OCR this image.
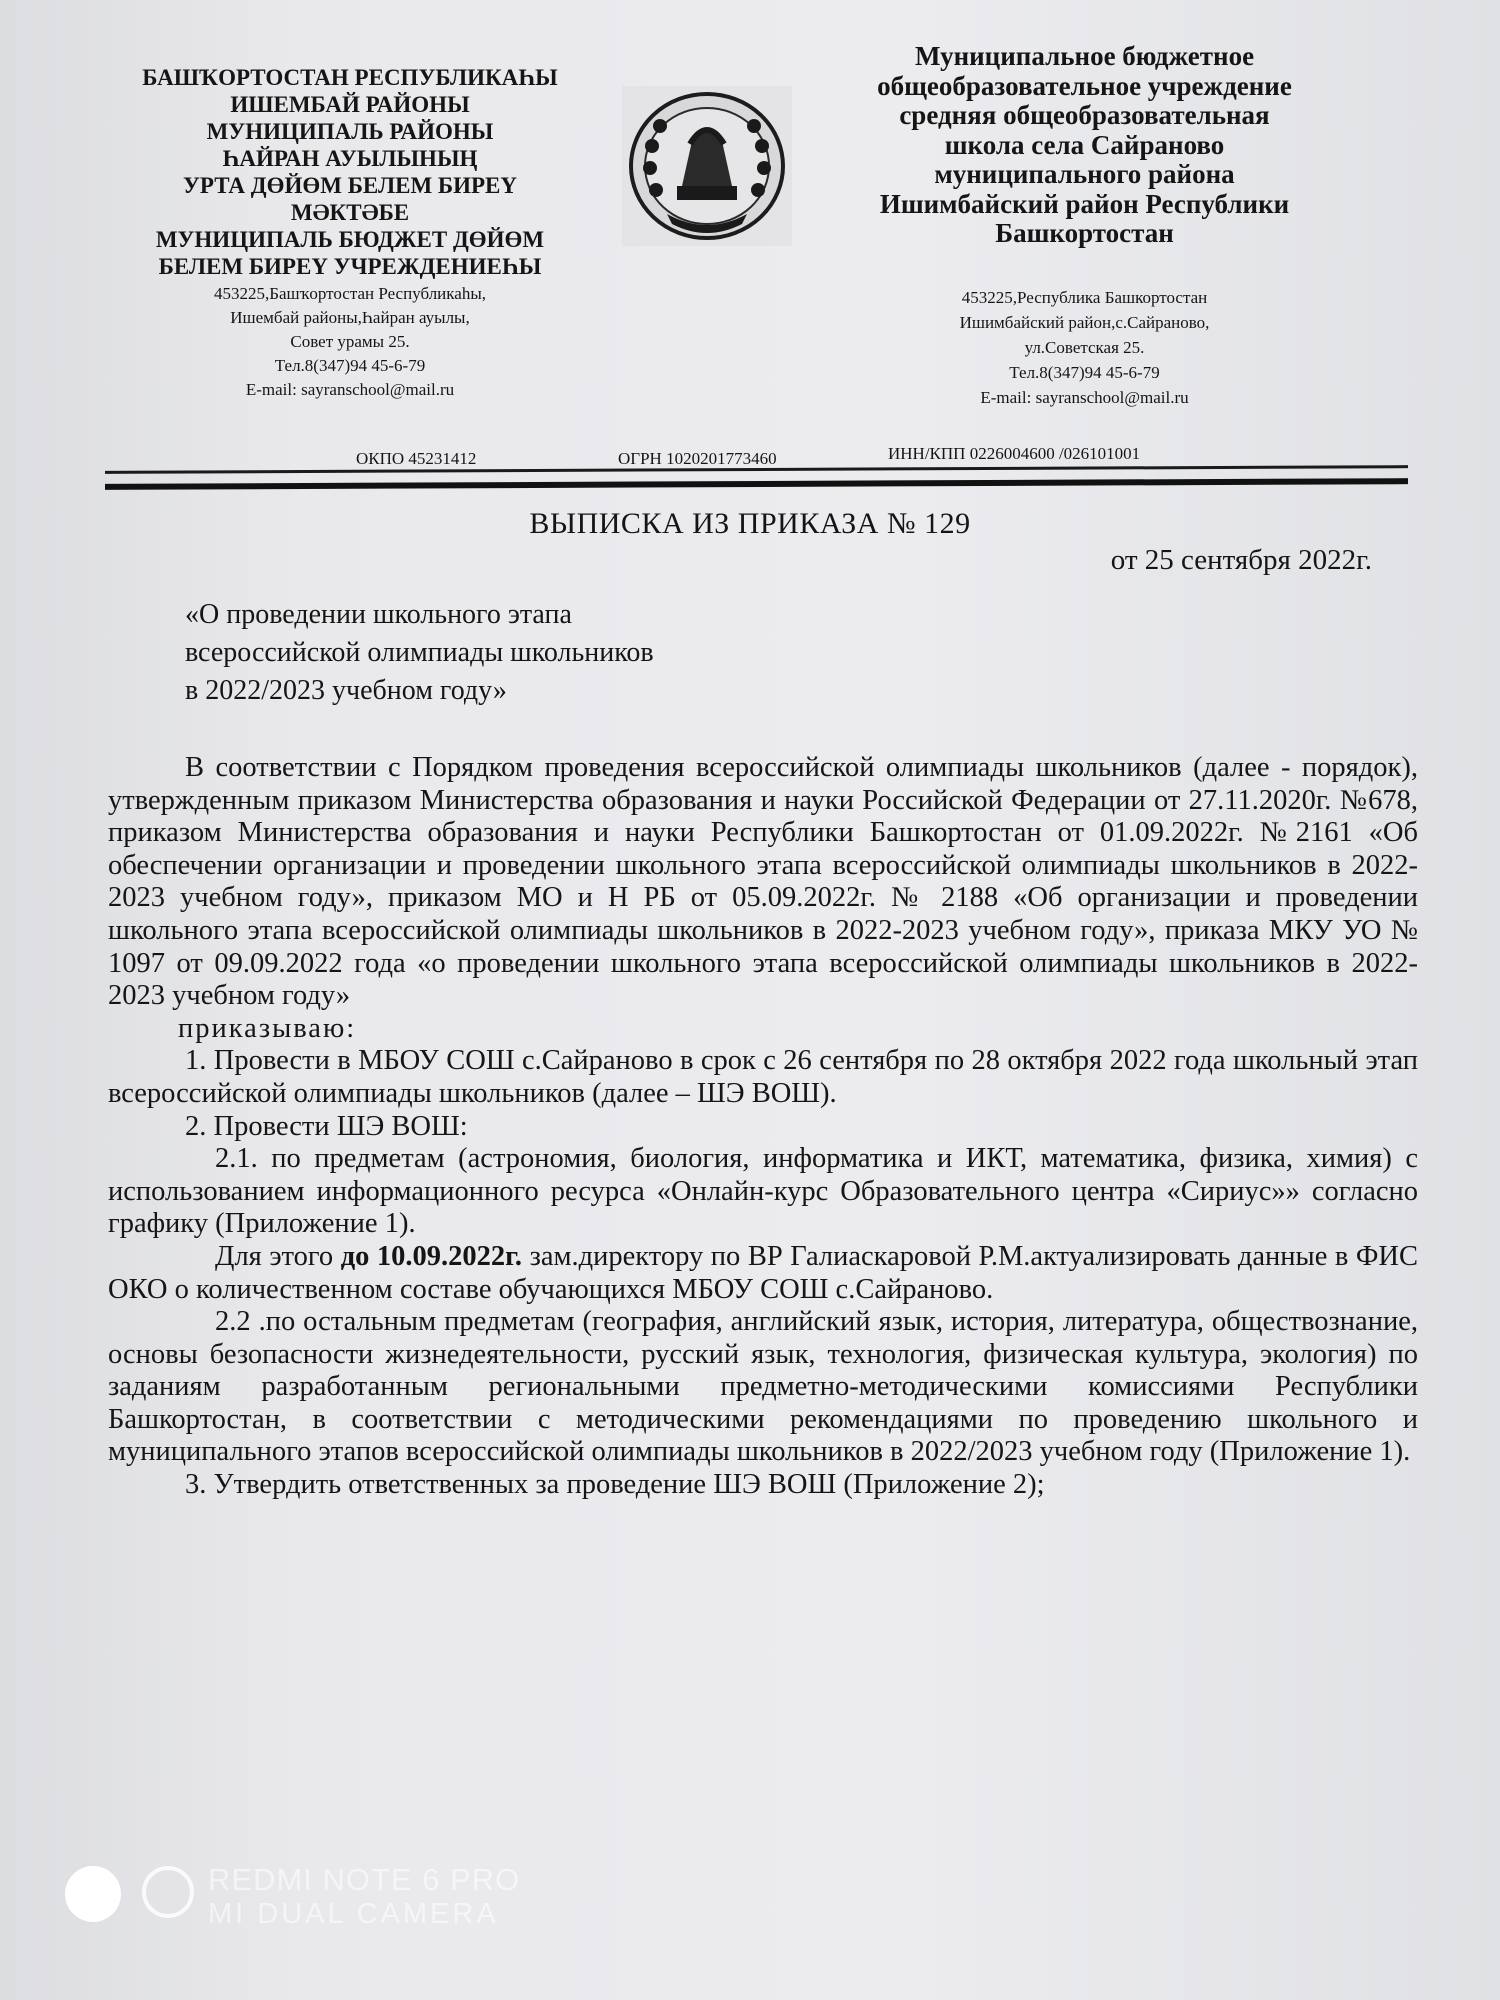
БАШҠОРТОСТАН РЕСПУБЛИКАҺЫ
ИШЕМБАЙ РАЙОНЫ
МУНИЦИПАЛЬ РАЙОНЫ
ҺАЙРАН АУЫЛЫНЫҢ
УРТА ДӨЙӨМ БЕЛЕМ БИРЕҮ
МӘКТӘБЕ
МУНИЦИПАЛЬ БЮДЖЕТ ДӨЙӨМ
БЕЛЕМ БИРЕҮ УЧРЕЖДЕНИЕҺЫ
453225,Башҡортостан Республикаһы,
Ишембай районы,Һайран ауылы,
Совет урамы 25.
Тел.8(347)94 45-6-79
E-mail: sayranschool@mail.ru
Муниципальное бюджетное
общеобразовательное учреждение
средняя общеобразовательная
школа села Сайраново
муниципального района
Ишимбайский район Республики
Башкортостан
453225,Республика Башкортостан
Ишимбайский район,с.Сайраново,
ул.Советская 25.
Тел.8(347)94 45-6-79
E-mail: sayranschool@mail.ru
ОКПО 45231412	ОГРН 1020201773460	ИНН/КПП 0226004600 /026101001
ВЫПИСКА ИЗ ПРИКАЗА № 129
от 25 сентября 2022г.
«О проведении школьного этапа
всероссийской олимпиады школьников
в 2022/2023 учебном году»

В соответствии с Порядком проведения всероссийской олимпиады школьников (далее - порядок), утвержденным приказом Министерства образования и науки Российской Федерации от 27.11.2020г. №678, приказом Министерства образования и науки Республики Башкортостан от 01.09.2022г. №2161 «Об обеспечении организации и проведении школьного этапа всероссийской олимпиады школьников в 2022-2023 учебном году», приказом МО и Н РБ от 05.09.2022г. № 2188 «Об организации и проведении школьного этапа всероссийской олимпиады школьников в 2022-2023 учебном году», приказа МКУ УО № 1097 от 09.09.2022 года «о проведении школьного этапа всероссийской олимпиады школьников в 2022-2023 учебном году»

приказываю:

1. Провести в МБОУ СОШ с.Сайраново в срок с 26 сентября по 28 октября 2022 года школьный этап всероссийской олимпиады школьников (далее – ШЭ ВОШ).

2. Провести ШЭ ВОШ:

2.1. по предметам (астрономия, биология, информатика и ИКТ, математика, физика, химия) с использованием информационного ресурса «Онлайн-курс Образовательного центра «Сириус»» согласно графику (Приложение 1).

Для этого до 10.09.2022г. зам.директору по ВР Галиаскаровой Р.М.актуализировать данные в ФИС ОКО о количественном составе обучающихся МБОУ СОШ с.Сайраново.

2.2 .по остальным предметам (география, английский язык, история, литература, обществознание, основы безопасности жизнедеятельности, русский язык, технология, физическая культура, экология) по заданиям разработанным региональными предметно-методическими комиссиями Республики Башкортостан, в соответствии с методическими рекомендациями по проведению школьного и муниципального этапов всероссийской олимпиады школьников в 2022/2023 учебном году (Приложение 1).

3. Утвердить ответственных за проведение ШЭ ВОШ (Приложение 2);

REDMI NOTE 6 PRO
MI DUAL CAMERA
